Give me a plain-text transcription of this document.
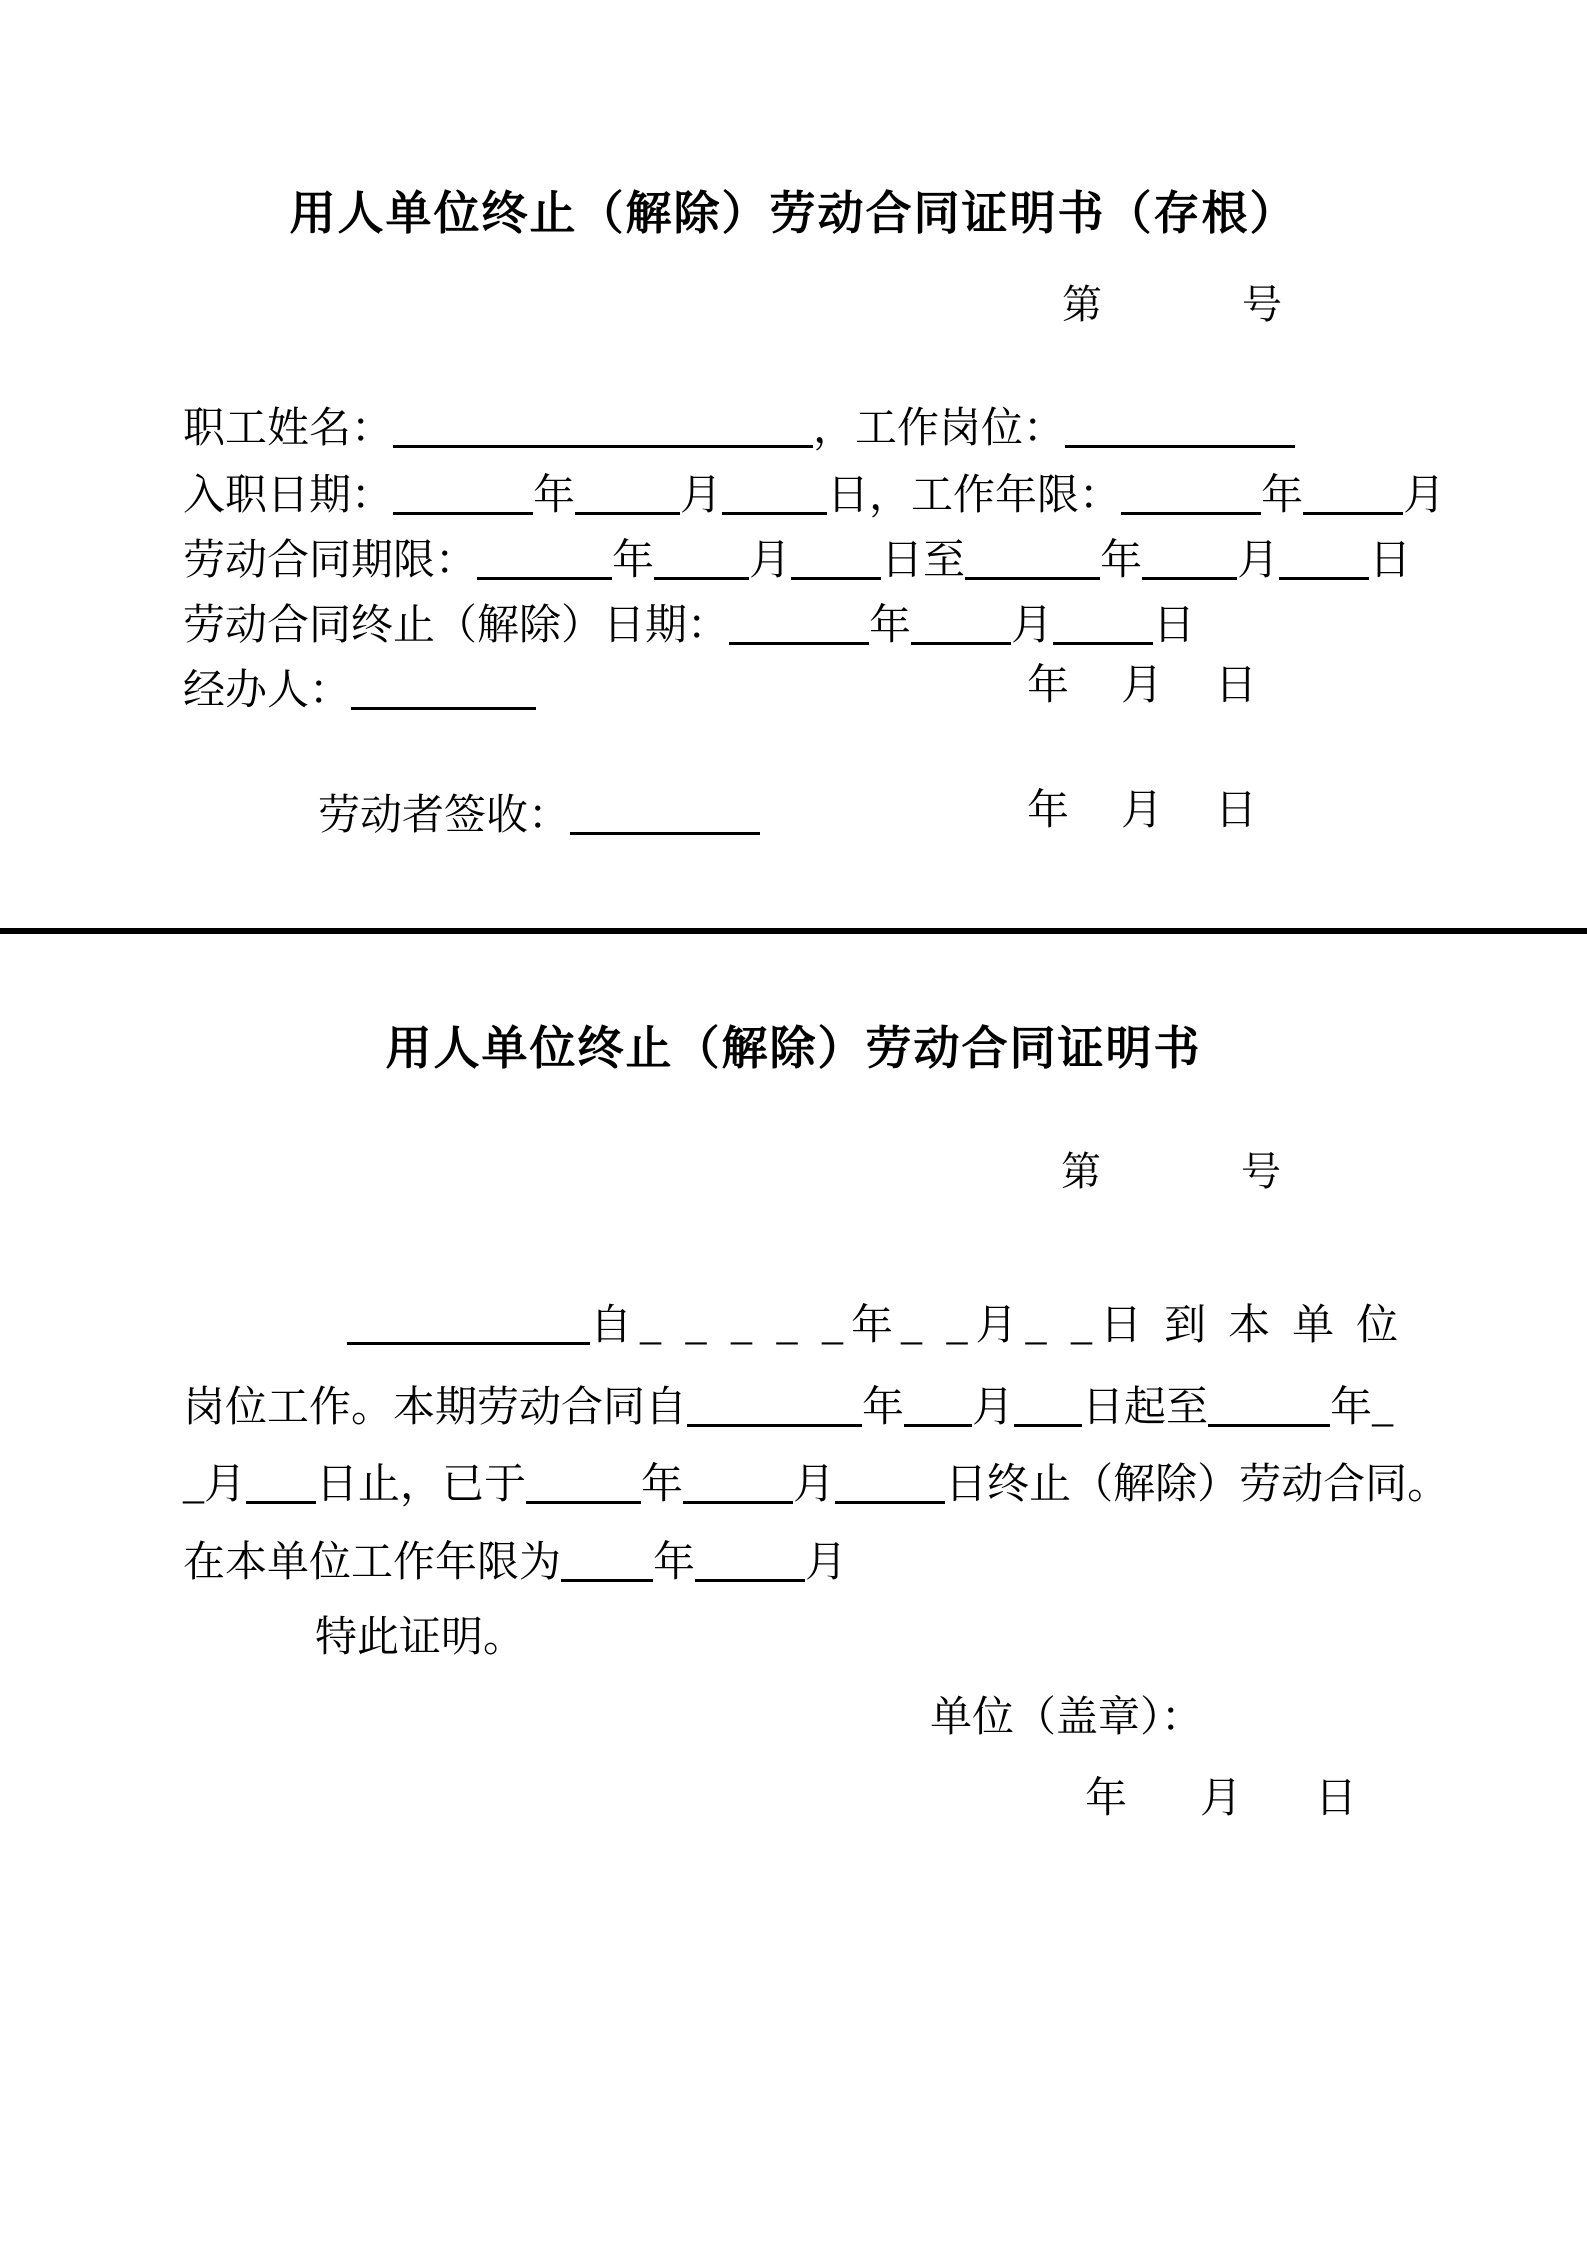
用人单位终止（解除）劳动合同证明书（存根）
第	号
职工姓名：	，工作岗位：
入职日期：	年	月	日，工作年限：	年 月
劳动合同期限：	年 月 日至	年 月 日
劳动合同终止（解除）日期：	年 月 日
经办人：	年 月 日
劳动者签收：	年 月 日
用人单位终止（解除）劳动合同证明书
第	号
自 _ _ _ _ _ 年 _ _ 月 _ _ 日到本单位
岗位工作。本期劳动合同自	年 月 日起至	年_
_月 日止，已于	年	月	日终止（解除）劳动合同。
在本单位工作年限为 年	月
特此证明。
单位（盖章）：
年 月 日
